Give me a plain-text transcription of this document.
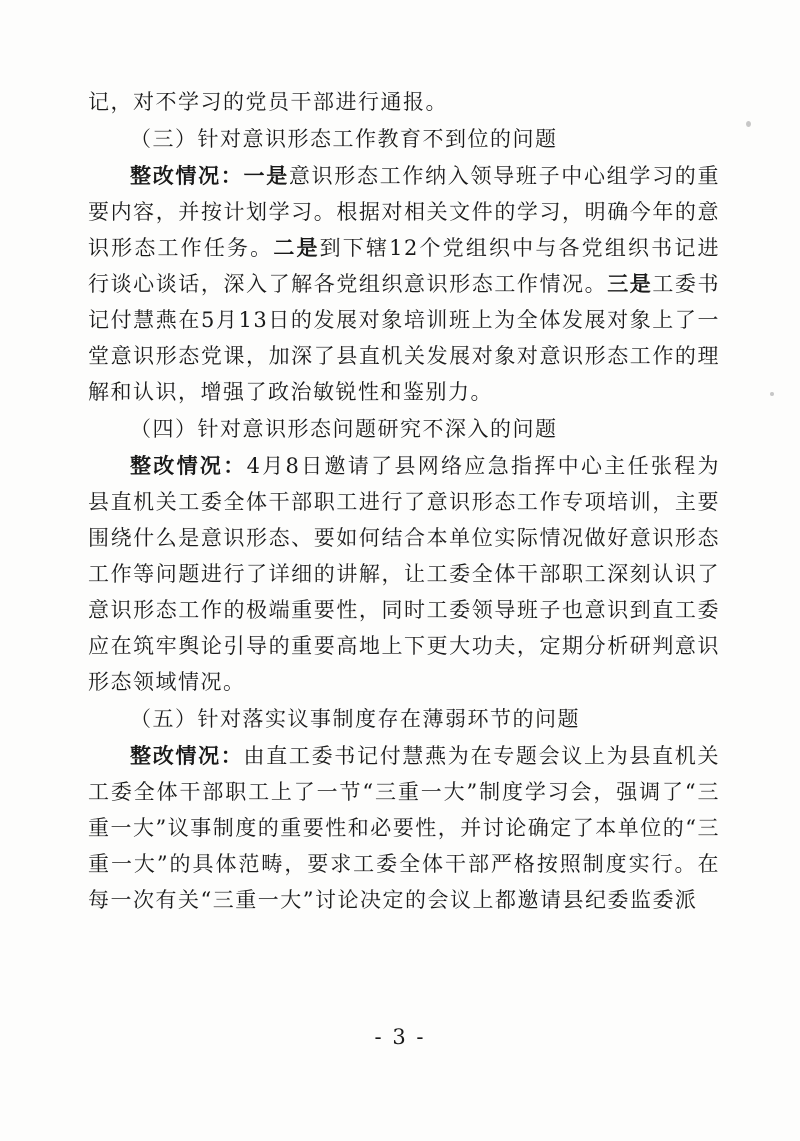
记，对不学习的党员干部进行通报。

（三）针对意识形态工作教育不到位的问题

整改情况：一是意识形态工作纳入领导班子中心组学习的重要内容，并按计划学习。根据对相关文件的学习，明确今年的意识形态工作任务。二是到下辖12个党组织中与各党组织书记进行谈心谈话，深入了解各党组织意识形态工作情况。三是工委书记付慧燕在5月13日的发展对象培训班上为全体发展对象上了一堂意识形态党课，加深了县直机关发展对象对意识形态工作的理解和认识，增强了政治敏锐性和鉴别力。

（四）针对意识形态问题研究不深入的问题

整改情况：4月8日邀请了县网络应急指挥中心主任张程为县直机关工委全体干部职工进行了意识形态工作专项培训，主要围绕什么是意识形态、要如何结合本单位实际情况做好意识形态工作等问题进行了详细的讲解，让工委全体干部职工深刻认识了意识形态工作的极端重要性，同时工委领导班子也意识到直工委应在筑牢舆论引导的重要高地上下更大功夫，定期分析研判意识形态领域情况。

（五）针对落实议事制度存在薄弱环节的问题

整改情况：由直工委书记付慧燕为在专题会议上为县直机关工委全体干部职工上了一节“三重一大”制度学习会，强调了“三重一大”议事制度的重要性和必要性，并讨论确定了本单位的“三重一大”的具体范畴，要求工委全体干部严格按照制度实行。在每一次有关“三重一大”讨论决定的会议上都邀请县纪委监委派

- 3 -
